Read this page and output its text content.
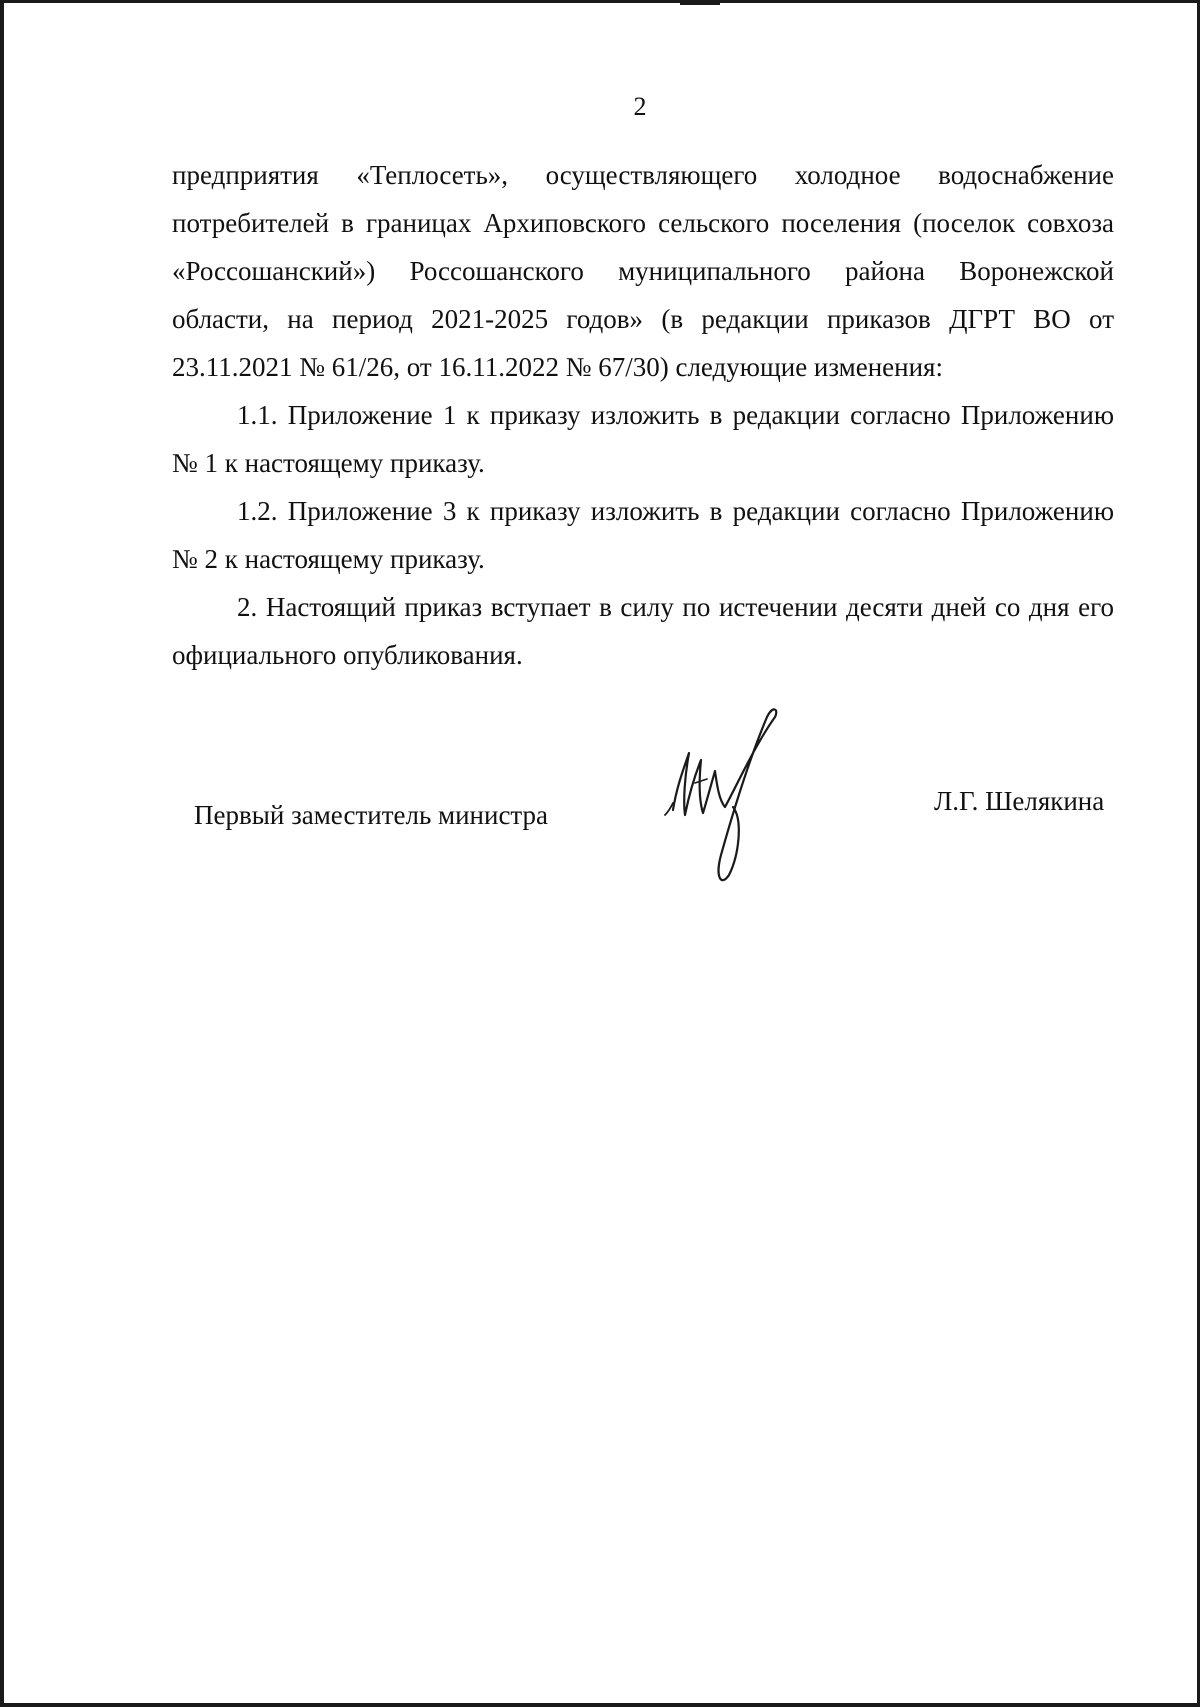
2
предприятия «Теплосеть», осуществляющего холодное водоснабжение
потребителей в границах Архиповского сельского поселения (поселок совхоза
«Россошанский») Россошанского муниципального района Воронежской
области, на период 2021-2025 годов» (в редакции приказов ДГРТ ВО от
23.11.2021 № 61/26, от 16.11.2022 № 67/30) следующие изменения:
1.1. Приложение 1 к приказу изложить в редакции согласно Приложению
№ 1 к настоящему приказу.
1.2. Приложение 3 к приказу изложить в редакции согласно Приложению
№ 2 к настоящему приказу.
2. Настоящий приказ вступает в силу по истечении десяти дней со дня его
официального опубликования.
Первый заместитель министра	Л.Г. Шелякина
